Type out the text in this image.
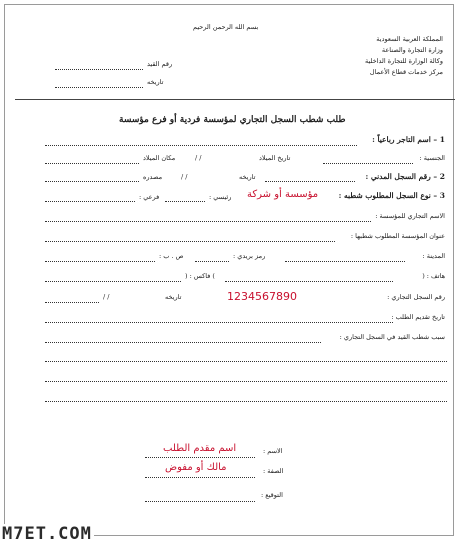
بسم الله الرحمن الرحيم
المملكة العربية السعودية
وزارة التجارة والصناعة
وكالة الوزارة للتجارة الداخلية
مركز خدمات قطاع الأعمال
رقم القيد
تاريخه
طلب شطب السجل التجاري لمؤسسة فردية أو فرع مؤسسة
1 – اسم التاجر رباعياً :
الجنسية :
تاريخ الميلاد
/ /
مكان الميلاد
2 – رقم السجل المدني :
تاريخه
/ /
مصدره
3 – نوع السجل المطلوب شطبه :
مؤسسة أو شركة
رئيسي :
فرعي :
الاسم التجاري للمؤسسة :
عنوان المؤسسة المطلوب شطبها :
المدينة :
رمز بريدي :
ص . ب :
هاتف : (
) فاكس : (
رقم السجل التجاري :
1234567890
تاريخه
/ /
تاريخ تقديم الطلب :
سبب شطب القيد في السجل التجاري :
الاسم :
اسم مقدم الطلب
الصفة :
مالك أو مفوض
التوقيع :
M7ET.COM
